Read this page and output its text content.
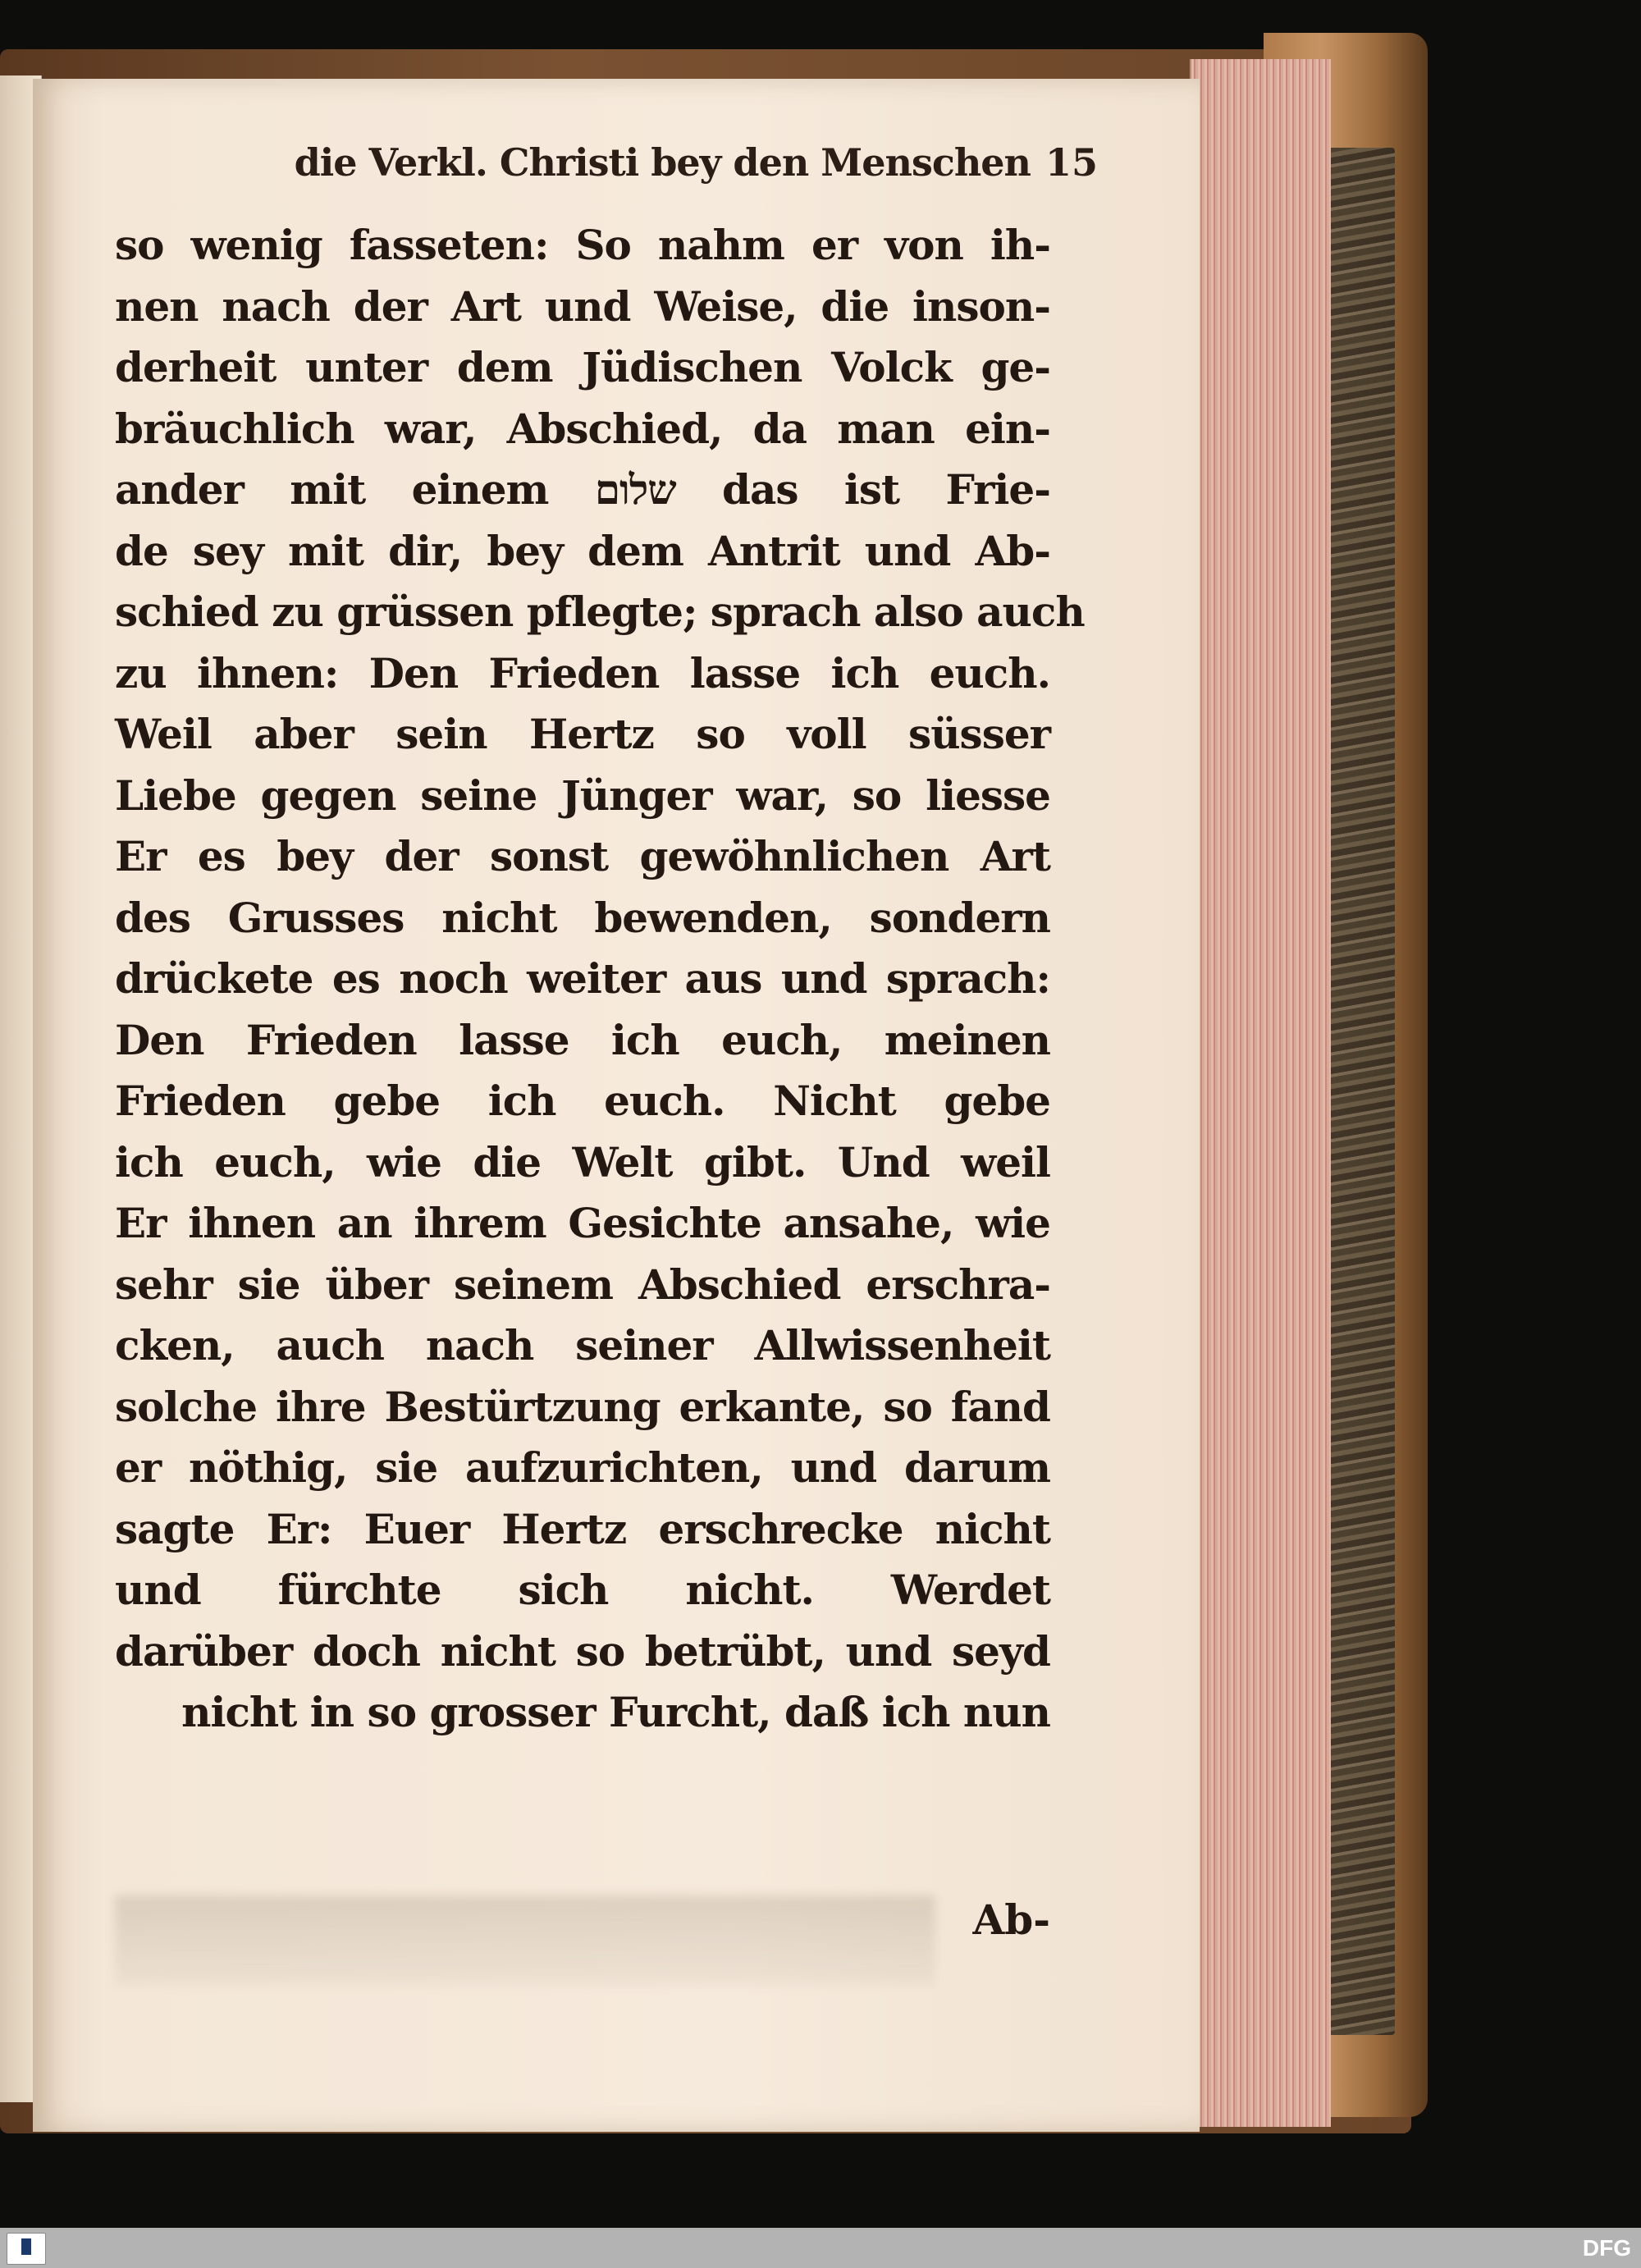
die Verkl. Christi bey den Menschen 15
so wenig fasseten: So nahm er von ih-
nen nach der Art und Weise, die inson-
derheit unter dem Jüdischen Volck ge-
bräuchlich war, Abschied, da man ein-
ander mit einem שלום das ist Frie-
de sey mit dir, bey dem Antrit und Ab-
schied zu grüssen pflegte; sprach also auch
zu ihnen: Den Frieden lasse ich euch.
Weil aber sein Hertz so voll süsser
Liebe gegen seine Jünger war, so liesse
Er es bey der sonst gewöhnlichen Art
des Grusses nicht bewenden, sondern
drückete es noch weiter aus und sprach:
Den Frieden lasse ich euch, meinen
Frieden gebe ich euch. Nicht gebe
ich euch, wie die Welt gibt. Und weil
Er ihnen an ihrem Gesichte ansahe, wie
sehr sie über seinem Abschied erschra-
cken, auch nach seiner Allwissenheit
solche ihre Bestürtzung erkante, so fand
er nöthig, sie aufzurichten, und darum
sagte Er: Euer Hertz erschrecke nicht
und fürchte sich nicht. Werdet
darüber doch nicht so betrübt, und seyd
nicht in so grosser Furcht, daß ich nun
Ab-
DFG
